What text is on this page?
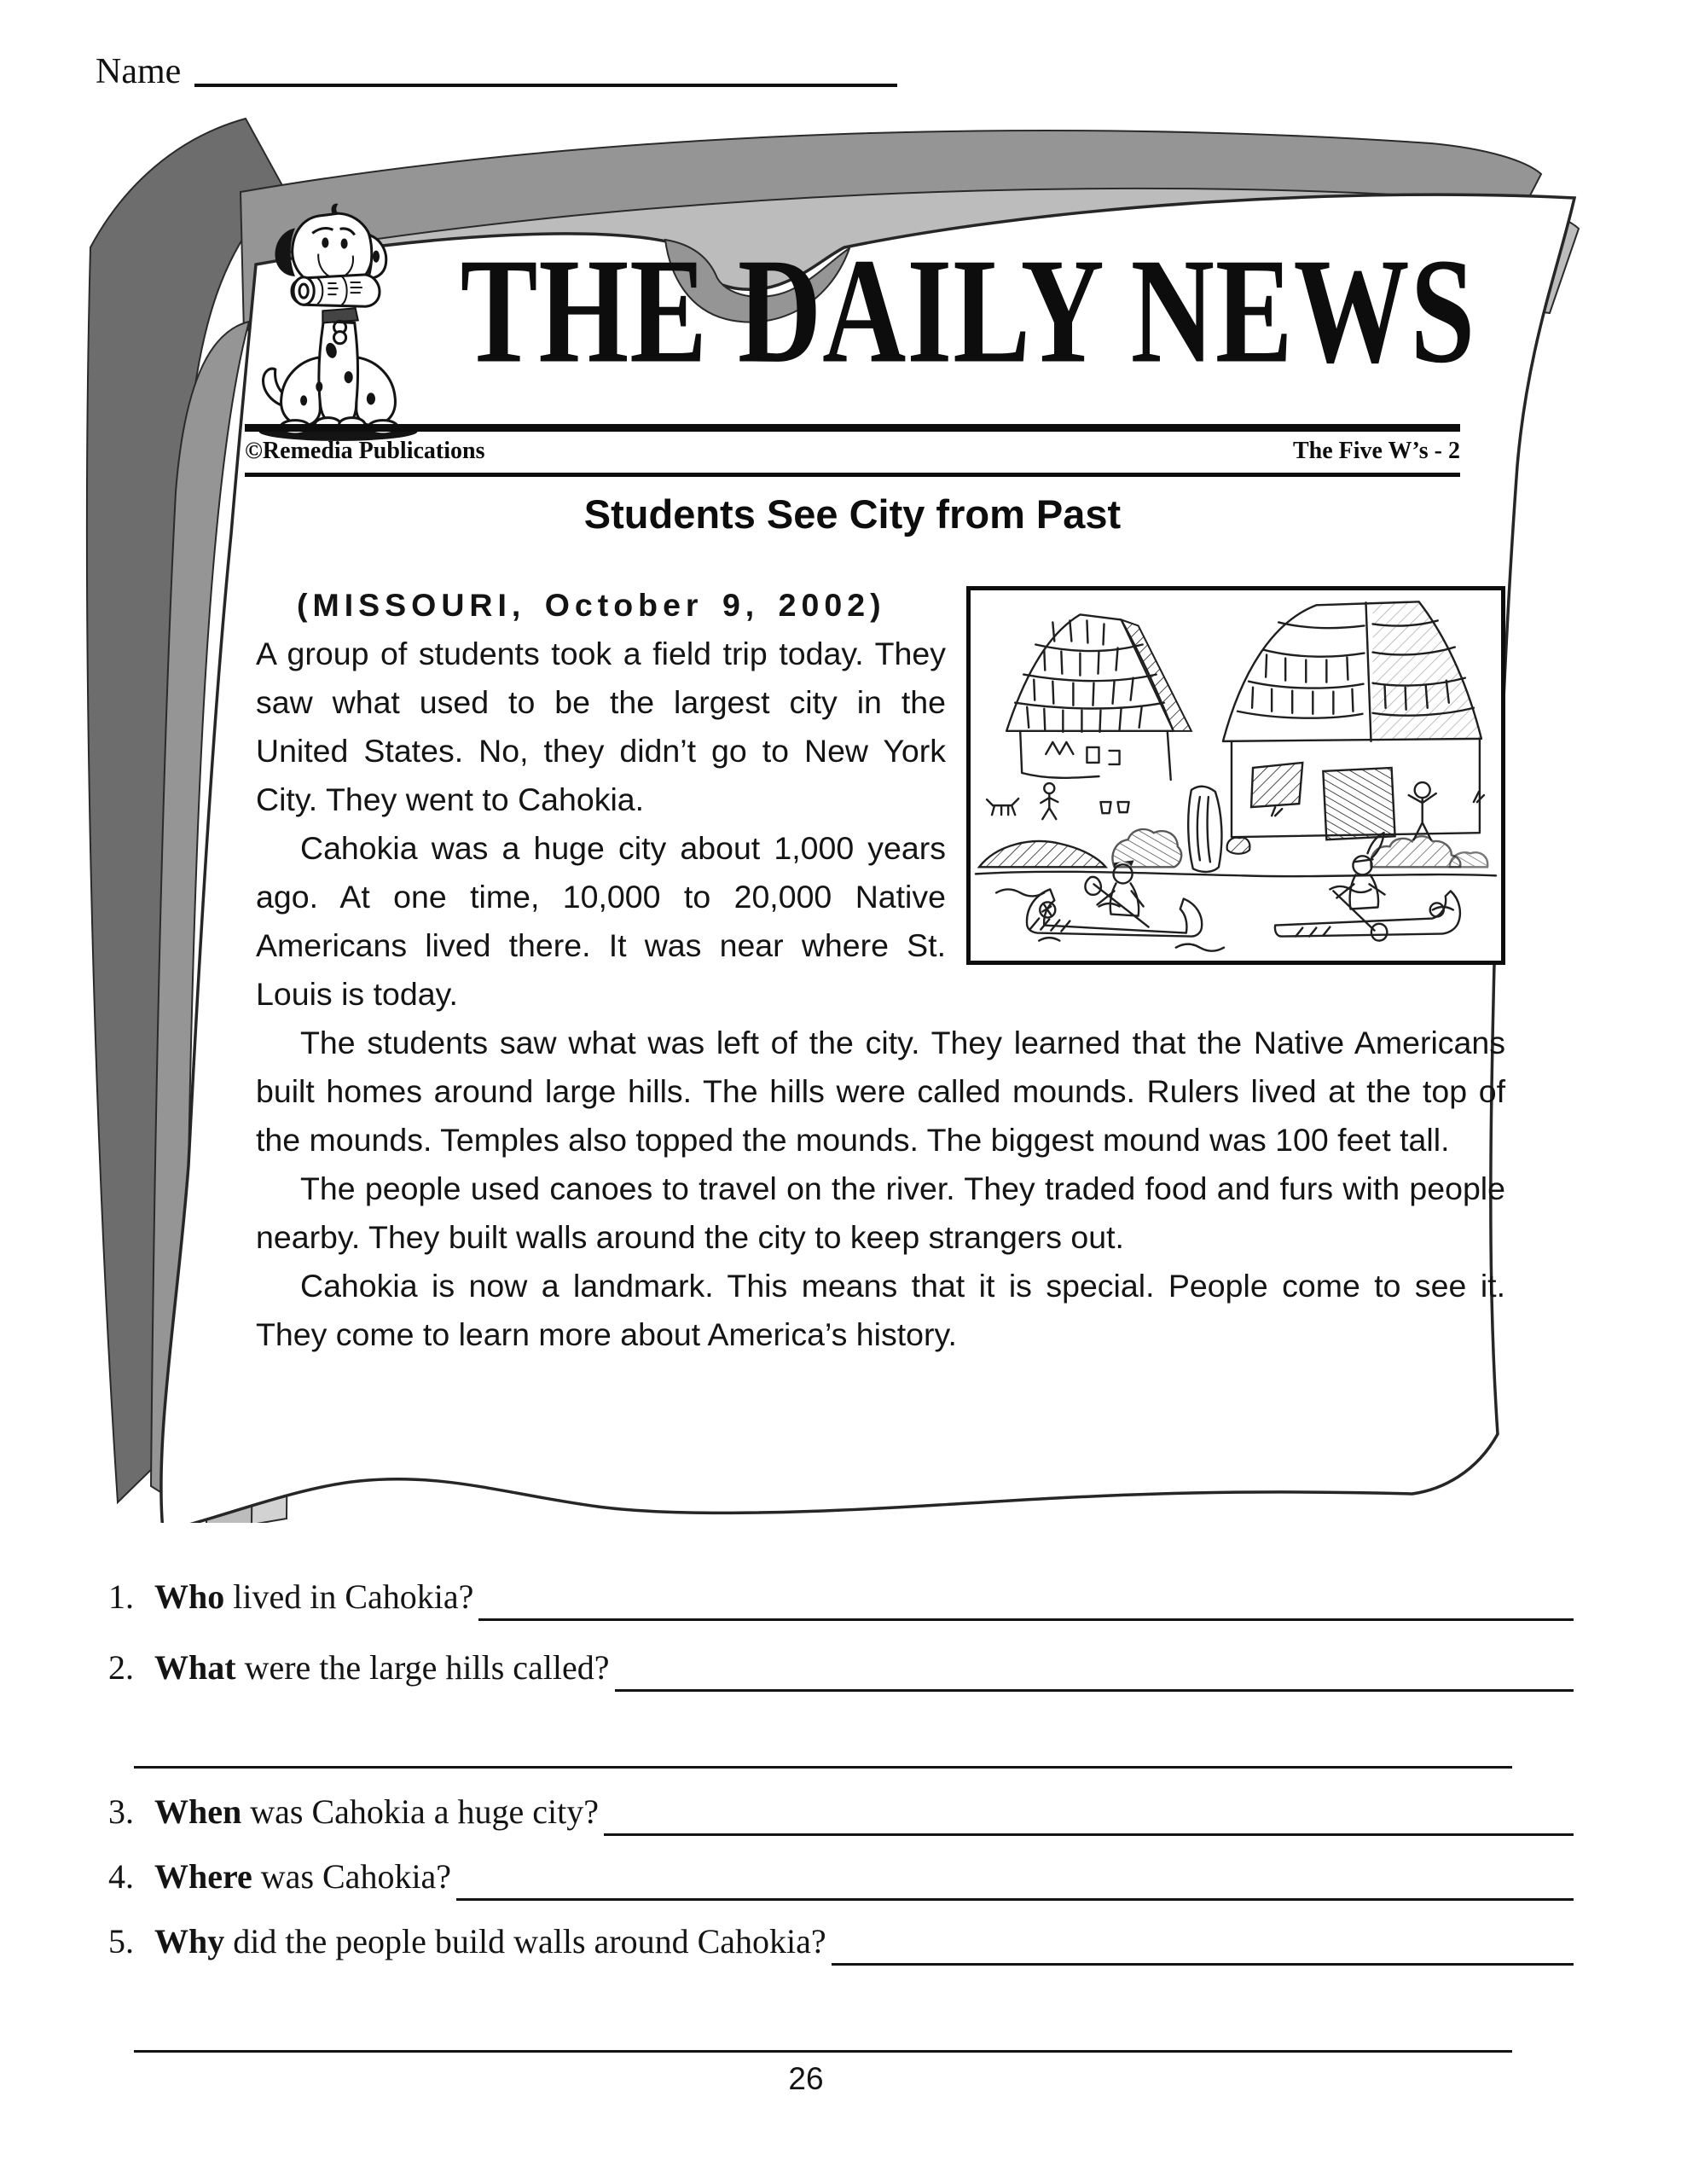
Name
THE DAILY NEWS
©Remedia Publications	The Five W’s - 2
Students See City from Past
(MISSOURI, October 9, 2002)

A group of students took a field trip today. They saw what used to be the largest city in the United States. No, they didn’t go to New York City. They went to Cahokia.

Cahokia was a huge city about 1,000 years ago. At one time, 10,000 to 20,000 Native Americans lived there. It was near where St. Louis is today.

The students saw what was left of the city. They learned that the Native Americans built homes around large hills. The hills were called mounds. Rulers lived at the top of the mounds. Temples also topped the mounds. The biggest mound was 100 feet tall.

The people used canoes to travel on the river. They traded food and furs with people nearby. They built walls around the city to keep strangers out.

Cahokia is now a landmark. This means that it is special. People come to see it. They come to learn more about America’s history.

1. Who lived in Cahokia?
2. What were the large hills called?
3. When was Cahokia a huge city?
4. Where was Cahokia?
5. Why did the people build walls around Cahokia?
26
